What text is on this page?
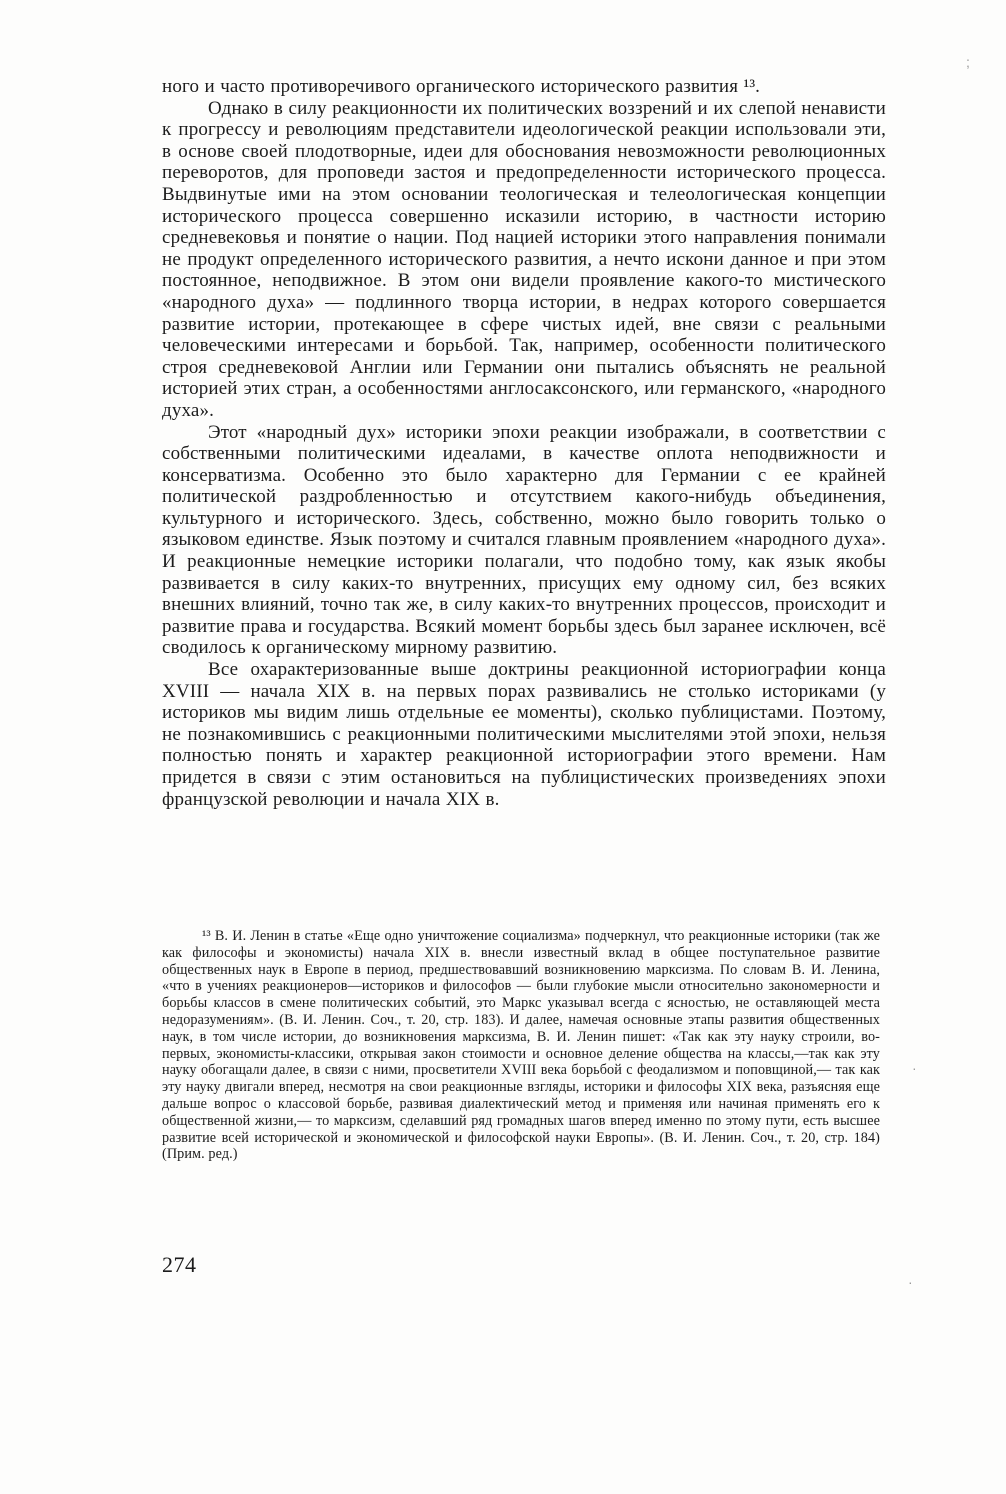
ного и часто противоречивого органического исторического развития ¹³.

Однако в силу реакционности их политических воззрений и их слепой ненависти к прогрессу и революциям представители идеологической реакции использовали эти, в основе своей плодотворные, идеи для обоснования невозможности революционных переворотов, для проповеди застоя и предопределенности исторического процесса. Выдвинутые ими на этом основании теологическая и телеологическая концепции исторического процесса совершенно исказили историю, в частности историю средневековья и понятие о нации. Под нацией историки этого направления понимали не продукт определенного исторического развития, а нечто искони данное и при этом постоянное, неподвижное. В этом они видели проявление какого-то мистического «народного духа» — подлинного творца истории, в недрах которого совершается развитие истории, протекающее в сфере чистых идей, вне связи с реальными человеческими интересами и борьбой. Так, например, особенности политического строя средневековой Англии или Германии они пытались объяснять не реальной историей этих стран, а особенностями англосаксонского, или германского, «народного духа».

Этот «народный дух» историки эпохи реакции изображали, в соответствии с собственными политическими идеалами, в качестве оплота неподвижности и консерватизма. Особенно это было характерно для Германии с ее крайней политической раздробленностью и отсутствием какого-нибудь объединения, культурного и исторического. Здесь, собственно, можно было говорить только о языковом единстве. Язык поэтому и считался главным проявлением «народного духа». И реакционные немецкие историки полагали, что подобно тому, как язык якобы развивается в силу каких-то внутренних, присущих ему одному сил, без всяких внешних влияний, точно так же, в силу каких-то внутренних процессов, происходит и развитие права и государства. Всякий момент борьбы здесь был заранее исключен, всё сводилось к органическому мирному развитию.

Все охарактеризованные выше доктрины реакционной историографии конца XVIII — начала XIX в. на первых порах развивались не столько историками (у историков мы видим лишь отдельные ее моменты), сколько публицистами. Поэтому, не познакомившись с реакционными политическими мыслителями этой эпохи, нельзя полностью понять и характер реакционной историографии этого времени. Нам придется в связи с этим остановиться на публицистических произведениях эпохи французской революции и начала XIX в.

¹³ В. И. Ленин в статье «Еще одно уничтожение социализма» подчеркнул, что реакционные историки (так же как философы и экономисты) начала XIX в. внесли известный вклад в общее поступательное развитие общественных наук в Европе в период, предшествовавший возникновению марксизма. По словам В. И. Ленина, «что в учениях реакционеров—историков и философов — были глубокие мысли относительно закономерности и борьбы классов в смене политических событий, это Маркс указывал всегда с ясностью, не оставляющей места недоразумениям». (В. И. Ленин. Соч., т. 20, стр. 183). И далее, намечая основные этапы развития общественных наук, в том числе истории, до возникновения марксизма, В. И. Ленин пишет: «Так как эту науку строили, во-первых, экономисты-классики, открывая закон стоимости и основное деление общества на классы,—так как эту науку обогащали далее, в связи с ними, просветители XVIII века борьбой с феодализмом и поповщиной,— так как эту науку двигали вперед, несмотря на свои реакционные взгляды, историки и философы XIX века, разъясняя еще дальше вопрос о классовой борьбе, развивая диалектический метод и применяя или начиная применять его к общественной жизни,— то марксизм, сделавший ряд громадных шагов вперед именно по этому пути, есть высшее развитие всей исторической и экономической и философской науки Европы». (В. И. Ленин. Соч., т. 20, стр. 184) (Прим. ред.)

274
;
·
·
